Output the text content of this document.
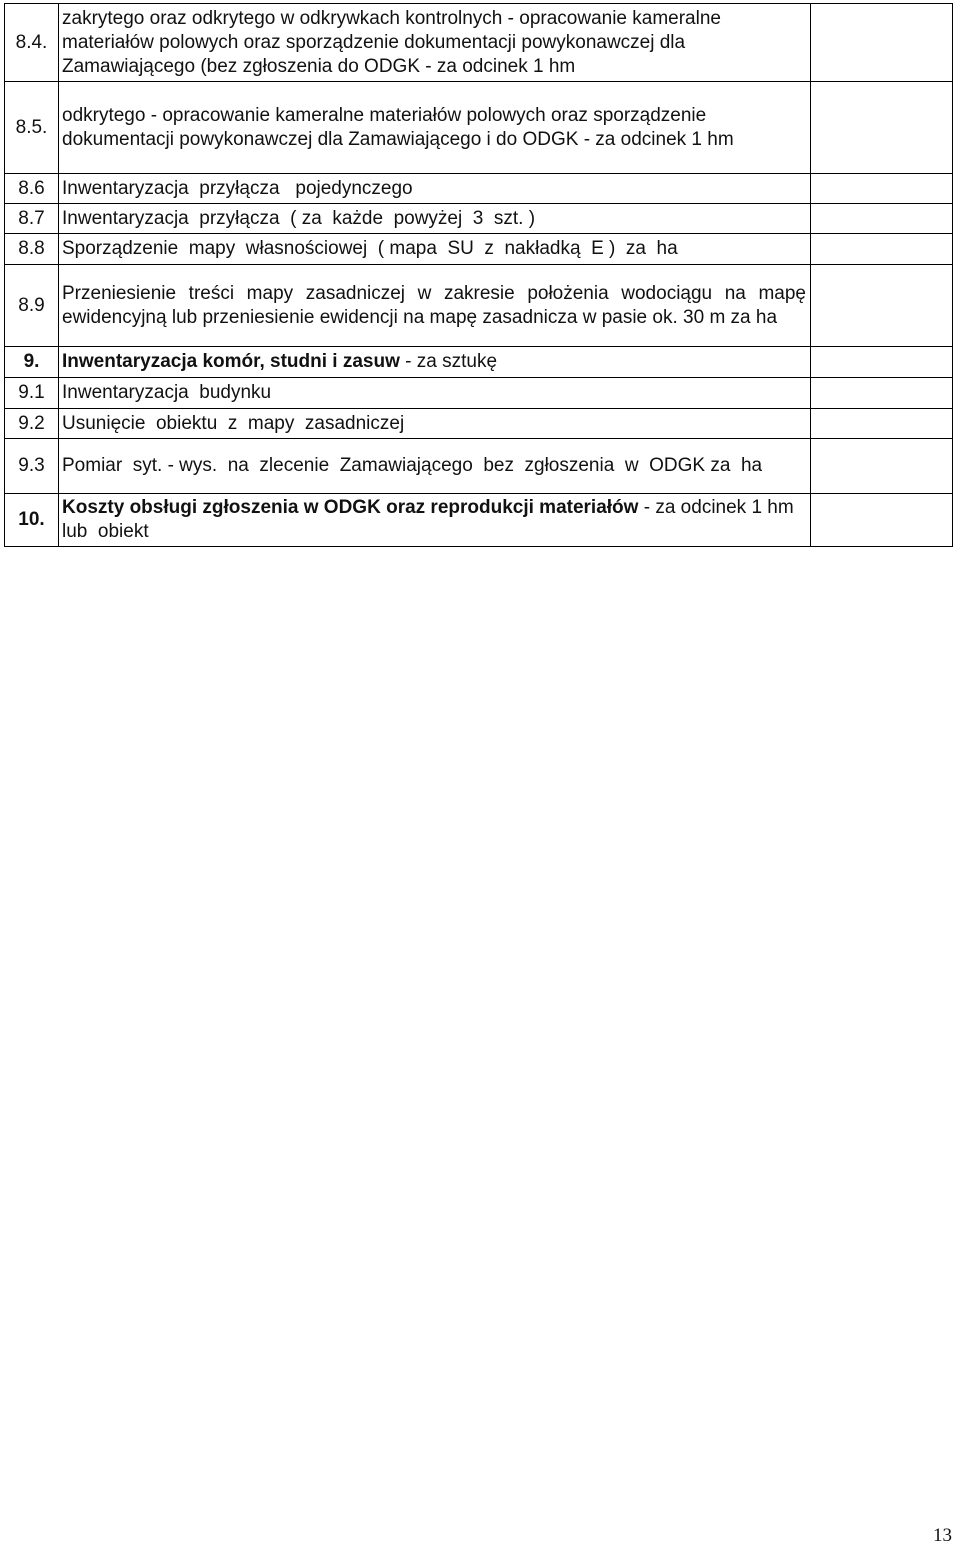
8.4.	zakrytego oraz odkrytego w odkrywkach kontrolnych - opracowanie kameralne materiałów polowych oraz sporządzenie dokumentacji powykonawczej dla Zamawiającego (bez zgłoszenia do ODGK - za odcinek 1 hm	
8.5.	odkrytego - opracowanie kameralne materiałów polowych oraz sporządzenie dokumentacji powykonawczej dla Zamawiającego i do ODGK - za odcinek 1 hm	
8.6	Inwentaryzacja  przyłącza   pojedynczego	
8.7	Inwentaryzacja  przyłącza  ( za  każde  powyżej  3  szt. )	
8.8	Sporządzenie  mapy  własnościowej  ( mapa  SU  z  nakładką  E )  za  ha	
8.9	Przeniesienie treści mapy zasadniczej w zakresie położenia wodociągu na mapę ewidencyjną lub przeniesienie ewidencji na mapę zasadnicza w pasie ok. 30 m za ha	
9.	Inwentaryzacja komór, studni i zasuw - za sztukę	
9.1	Inwentaryzacja  budynku	
9.2	Usunięcie  obiektu  z  mapy  zasadniczej	
9.3	Pomiar  syt. - wys.  na  zlecenie  Zamawiającego  bez  zgłoszenia  w  ODGK za  ha	
10.	Koszty obsługi zgłoszenia w ODGK oraz reprodukcji materiałów - za odcinek 1 hm  lub  obiekt	
13
